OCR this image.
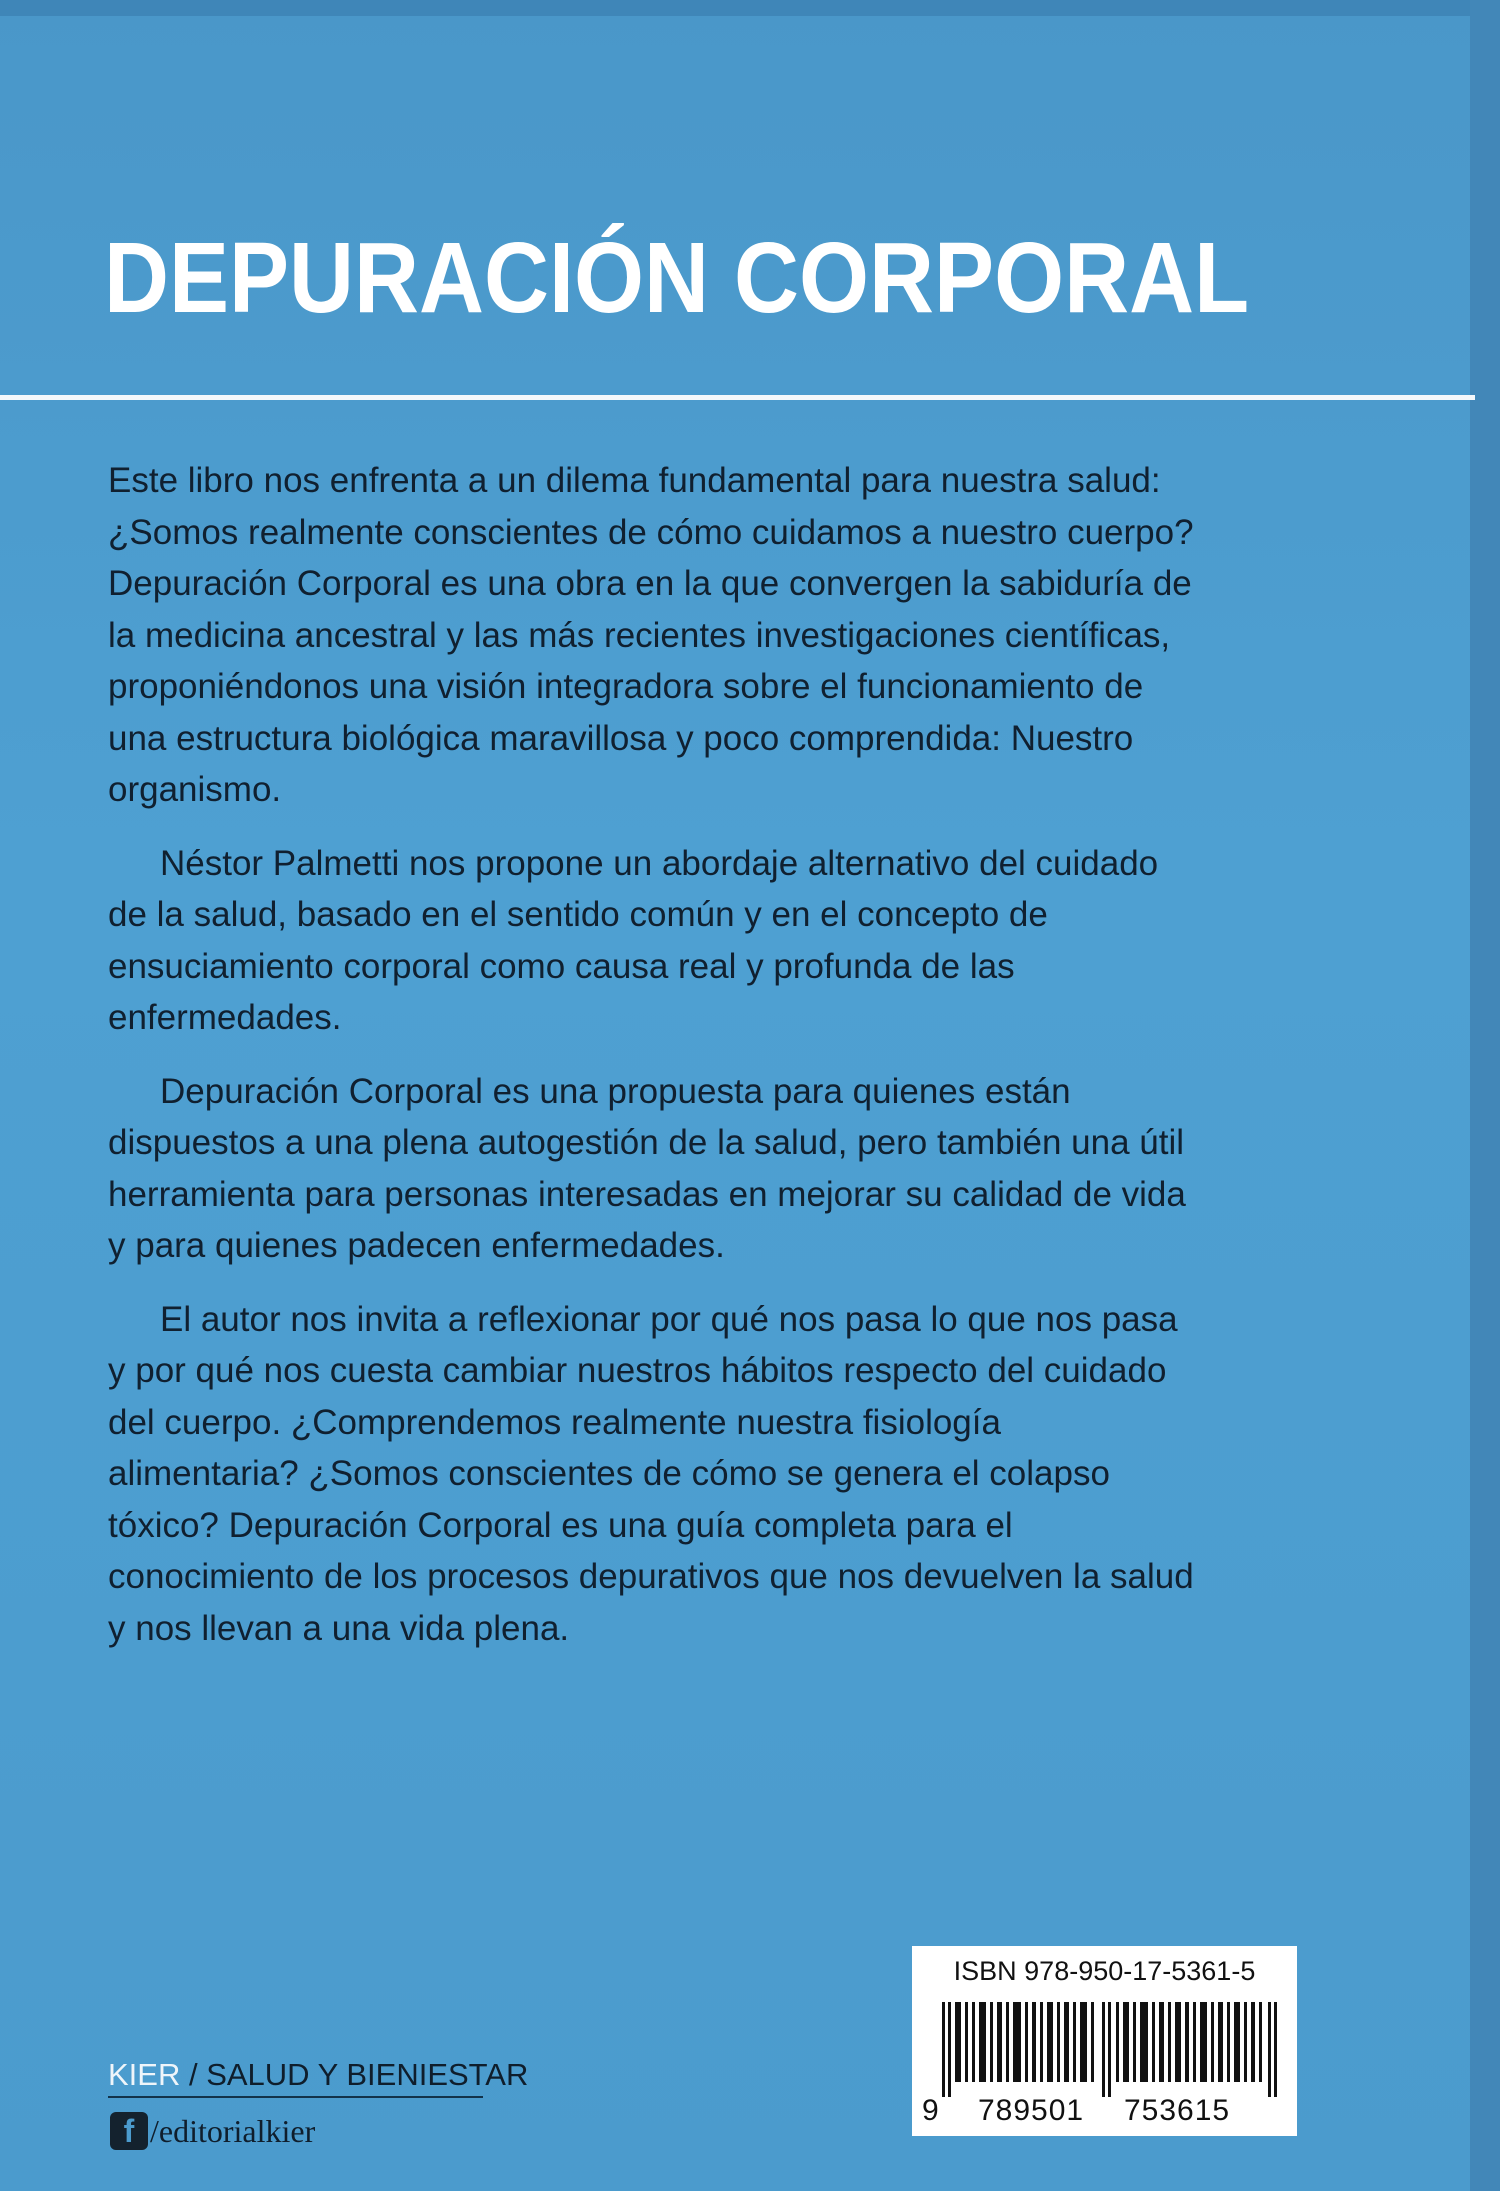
DEPURACIÓN CORPORAL

Este libro nos enfrenta a un dilema fundamental para nuestra salud: ¿Somos realmente conscientes de cómo cuidamos a nuestro cuerpo? Depuración Corporal es una obra en la que convergen la sabiduría de la medicina ancestral y las más recientes investigaciones científicas, proponiéndonos una visión integradora sobre el funcionamiento de una estructura biológica maravillosa y poco comprendida: Nuestro organismo.

Néstor Palmetti nos propone un abordaje alternativo del cuidado de la salud, basado en el sentido común y en el concepto de ensuciamiento corporal como causa real y profunda de las enfermedades.

Depuración Corporal es una propuesta para quienes están dispuestos a una plena autogestión de la salud, pero también una útil herramienta para personas interesadas en mejorar su calidad de vida y para quienes padecen enfermedades.

El autor nos invita a reflexionar por qué nos pasa lo que nos pasa y por qué nos cuesta cambiar nuestros hábitos respecto del cuidado del cuerpo. ¿Comprendemos realmente nuestra fisiología alimentaria? ¿Somos conscientes de cómo se genera el colapso tóxico? Depuración Corporal es una guía completa para el conocimiento de los procesos depurativos que nos devuelven la salud y nos llevan a una vida plena.

KIER / SALUD Y BIENIESTAR
f /editorialkier
ISBN 978-950-17-5361-5
9 789501 753615
